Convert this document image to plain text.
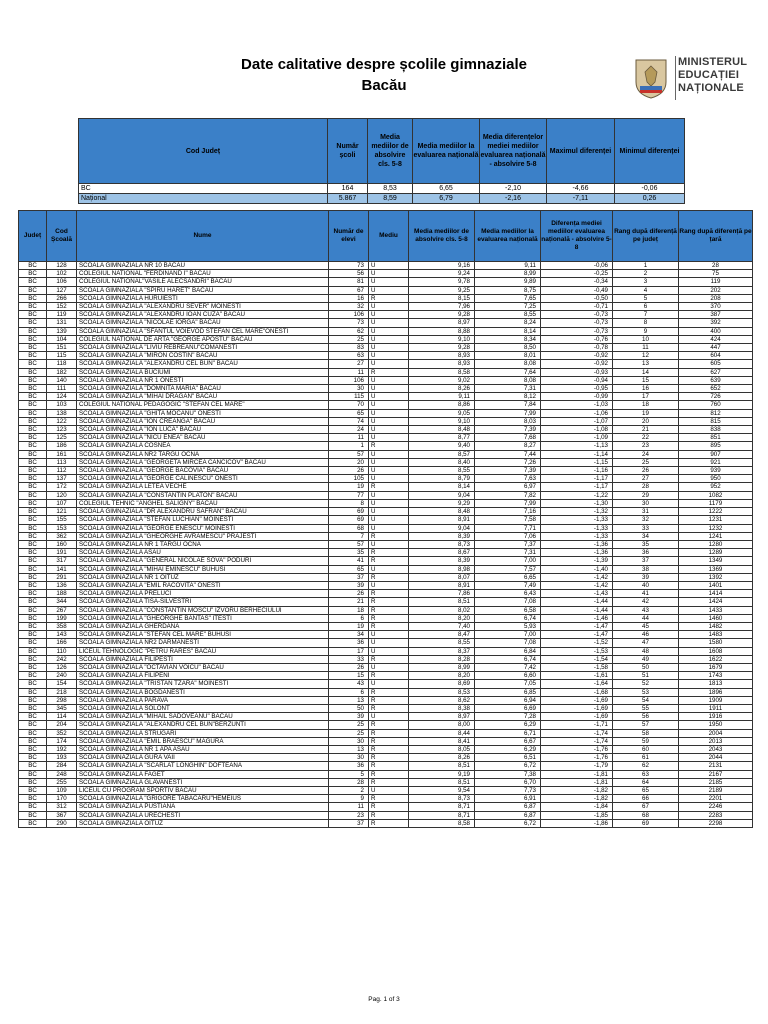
Date calitative despre școlile gimnaziale
Bacău
MINISTERUL
EDUCAȚIEI
NAȚIONALE
Cod Județ	Număr școli	Media mediilor de absolvire cls. 5-8	Media mediilor la evaluarea națională	Media diferențelor mediei mediilor evaluarea națională - absolvire 5-8	Maximul diferenței	Minimul diferenței
BC	164	8,53	6,65	-2,10	-4,66	-0,06
Național	5.867	8,59	6,79	-2,16	-7,11	0,26
Județ	Cod Școală	Nume	Număr de elevi	Mediu	Media mediilor de absolvire cls. 5-8	Media mediilor la evaluarea națională	Diferența mediei mediilor evaluarea națională - absolvire 5-8	Rang după diferență pe județ	Rang după diferență pe țară
BC	128	SCOALA GIMNAZIALA NR 10 BACAU	73	U	9,16	9,11	-0,06	1	28
BC	102	COLEGIUL NATIONAL "FERDINAND I" BACAU	56	U	9,24	8,99	-0,25	2	75
BC	106	COLEGIUL NATIONAL"VASILE ALECSANDRI" BACAU	81	U	9,78	9,89	-0,34	3	119
BC	127	SCOALA GIMNAZIALA "SPIRU HARET" BACAU	67	U	9,25	8,75	-0,49	4	202
BC	266	SCOALA GIMNAZIALA HURUIESTI	16	R	8,15	7,65	-0,50	5	208
BC	152	SCOALA GIMNAZIALA "ALEXANDRU SEVER" MOINESTI	32	U	7,96	7,25	-0,71	6	370
BC	119	SCOALA GIMNAZIALA "ALEXANDRU IOAN CUZA" BACAU	106	U	9,28	8,55	-0,73	7	387
BC	131	SCOALA GIMNAZIALA "NICOLAE IORGA" BACAU	73	U	8,97	8,24	-0,73	8	392
BC	139	SCOALA GIMNAZIALA "SFANTUL VOIEVOD STEFAN CEL MARE"ONESTI	62	U	8,88	8,14	-0,73	9	400
BC	104	COLEGIUL NATIONAL DE ARTA "GEORGE APOSTU" BACAU	25	U	9,10	8,34	-0,76	10	424
BC	151	SCOALA GIMNAZIALA "LIVIU REBREANU"COMANESTI	83	U	9,28	8,50	-0,78	11	447
BC	115	SCOALA GIMNAZIALA "MIRON COSTIN" BACAU	63	U	8,93	8,01	-0,92	12	604
BC	118	SCOALA GIMNAZIALA "ALEXANDRU CEL BUN" BACAU	27	U	8,93	8,08	-0,92	13	605
BC	182	SCOALA GIMNAZIALA BUCIUMI	11	R	8,58	7,64	-0,93	14	627
BC	140	SCOALA GIMNAZIALA NR 1 ONESTI	106	U	9,02	8,08	-0,94	15	639
BC	111	SCOALA GIMNAZIALA "DOMNITA MARIA" BACAU	30	U	8,26	7,31	-0,95	16	652
BC	124	SCOALA GIMNAZIALA "MIHAI DRAGAN" BACAU	115	U	9,11	8,12	-0,99	17	726
BC	103	COLEGIUL NATIONAL PEDAGOGIC "STEFAN CEL MARE"	70	U	8,86	7,84	-1,03	18	760
BC	138	SCOALA GIMNAZIALA "GHITA MOCANU" ONESTI	65	U	9,05	7,99	-1,06	19	812
BC	122	SCOALA GIMNAZIALA "ION CREANGA" BACAU	74	U	9,10	8,03	-1,07	20	815
BC	123	SCOALA GIMNAZIALA "ION LUCA" BACAU	24	U	8,48	7,39	-1,08	21	838
BC	125	SCOALA GIMNAZIALA "NICU ENEA" BACAU	11	U	8,77	7,68	-1,09	22	851
BC	186	SCOALA GIMNAZIALA COSNEA	1	R	9,40	8,27	-1,13	23	895
BC	161	SCOALA GIMNAZIALA NR2 TARGU OCNA	57	U	8,57	7,44	-1,14	24	907
BC	113	SCOALA GIMNAZIALA "GEORGETA MIRCEA CANCICOV" BACAU	20	U	8,40	7,26	-1,15	25	921
BC	112	SCOALA GIMNAZIALA "GEORGE BACOVIA" BACAU	26	U	8,55	7,39	-1,16	26	939
BC	137	SCOALA GIMNAZIALA "GEORGE CALINESCU" ONESTI	105	U	8,79	7,63	-1,17	27	950
BC	172	SCOALA GIMNAZIALA LETEA VECHE	19	R	8,14	6,97	-1,17	28	952
BC	120	SCOALA GIMNAZIALA "CONSTANTIN PLATON" BACAU	77	U	9,04	7,82	-1,22	29	1082
BC	107	COLEGIUL TEHNIC "ANGHEL SALIGNY" BACAU	8	U	9,29	7,99	-1,30	30	1179
BC	121	SCOALA GIMNAZIALA "DR ALEXANDRU SAFRAN" BACAU	69	U	8,48	7,16	-1,32	31	1222
BC	155	SCOALA GIMNAZIALA "STEFAN LUCHIAN" MOINESTI	69	U	8,91	7,58	-1,33	32	1231
BC	153	SCOALA GIMNAZIALA "GEORGE ENESCU" MOINESTI	68	U	9,04	7,71	-1,33	33	1232
BC	362	SCOALA GIMNAZIALA "GHEORGHE AVRAMESCU" PRAJESTI	7	R	8,39	7,06	-1,33	34	1241
BC	160	SCOALA GIMNAZIALA NR 1 TARGU OCNA	57	U	8,73	7,37	-1,36	35	1280
BC	191	SCOALA GIMNAZIALA ASAU	35	R	8,67	7,31	-1,36	36	1289
BC	317	SCOALA GIMNAZIALA "GENERAL NICOLAE SOVA" PODURI	41	R	8,39	7,00	-1,39	37	1349
BC	141	SCOALA GIMNAZIALA "MIHAI EMINESCU" BUHUSI	65	U	8,98	7,57	-1,40	38	1369
BC	291	SCOALA GIMNAZIALA NR 1 OITUZ	37	R	8,07	6,65	-1,42	39	1392
BC	136	SCOALA GIMNAZIALA "EMIL RACOVITA" ONESTI	39	U	8,91	7,49	-1,42	40	1401
BC	188	SCOALA GIMNAZIALA PRELUCI	26	R	7,86	6,43	-1,43	41	1414
BC	344	SCOALA GIMNAZIALA TISA-SILVESTRI	21	R	8,51	7,08	-1,44	42	1424
BC	267	SCOALA GIMNAZIALA "CONSTANTIN MOSCU" IZVORU BERHECIULUI	18	R	8,02	6,58	-1,44	43	1433
BC	199	SCOALA GIMNAZIALA "GHEORGHE BANTAS" ITESTI	6	R	8,20	6,74	-1,46	44	1460
BC	358	SCOALA GIMNAZIALA GHERDANA	19	R	7,40	5,93	-1,47	45	1482
BC	143	SCOALA GIMNAZIALA "STEFAN CEL MARE" BUHUSI	34	U	8,47	7,00	-1,47	46	1483
BC	166	SCOALA GIMNAZIALA NR2 DARMANESTI	36	U	8,55	7,08	-1,52	47	1580
BC	110	LICEUL TEHNOLOGIC "PETRU RARES" BACAU	17	U	8,37	6,84	-1,53	48	1608
BC	242	SCOALA GIMNAZIALA FILIPESTI	33	R	8,28	6,74	-1,54	49	1622
BC	126	SCOALA GIMNAZIALA "OCTAVIAN VOICU" BACAU	26	U	8,99	7,42	-1,58	50	1679
BC	240	SCOALA GIMNAZIALA FILIPENI	15	R	8,20	6,60	-1,61	51	1743
BC	154	SCOALA GIMNAZIALA "TRISTAN TZARA" MOINESTI	43	U	8,69	7,05	-1,64	52	1813
BC	218	SCOALA GIMNAZIALA BOGDANESTI	6	R	8,53	6,85	-1,68	53	1896
BC	298	SCOALA GIMNAZIALA PARAVA	13	R	8,62	6,94	-1,69	54	1909
BC	345	SCOALA GIMNAZIALA SOLONT	50	R	8,38	6,69	-1,69	55	1911
BC	114	SCOALA GIMNAZIALA "MIHAIL SADOVEANU" BACAU	39	U	8,97	7,28	-1,69	56	1916
BC	204	SCOALA GIMNAZIALA "ALEXANDRU CEL BUN"BERZUNTI	25	R	8,00	6,29	-1,71	57	1950
BC	352	SCOALA GIMNAZIALA STRUGARI	25	R	8,44	6,71	-1,74	58	2004
BC	174	SCOALA GIMNAZIALA "EMIL BRAESCU" MAGURA	30	R	8,41	6,67	-1,74	59	2013
BC	192	SCOALA GIMNAZIALA NR 1 APA ASAU	13	R	8,05	6,29	-1,76	60	2043
BC	193	SCOALA GIMNAZIALA GURA VAII	30	R	8,26	6,51	-1,76	61	2044
BC	284	SCOALA GIMNAZIALA "SCARLAT LONGHIN" DOFTEANA	36	R	8,51	6,72	-1,79	62	2131
BC	248	SCOALA GIMNAZIALA FAGET	5	R	9,19	7,38	-1,81	63	2167
BC	255	SCOALA GIMNAZIALA GLAVANESTI	28	R	8,51	6,70	-1,81	64	2185
BC	109	LICEUL CU PROGRAM SPORTIV BACAU	2	U	9,54	7,73	-1,82	65	2189
BC	170	SCOALA GIMNAZIALA "GRIGORE TABACARU"HEMEIUS	9	R	8,73	6,91	-1,82	66	2201
BC	312	SCOALA GIMNAZIALA PUSTIANA	11	R	8,71	6,87	-1,84	67	2246
BC	367	SCOALA GIMNAZIALA URECHESTI	23	R	8,71	6,87	-1,85	68	2283
BC	290	SCOALA GIMNAZIALA OITUZ	37	R	8,58	6,72	-1,86	69	2298
Pag. 1 of 3
